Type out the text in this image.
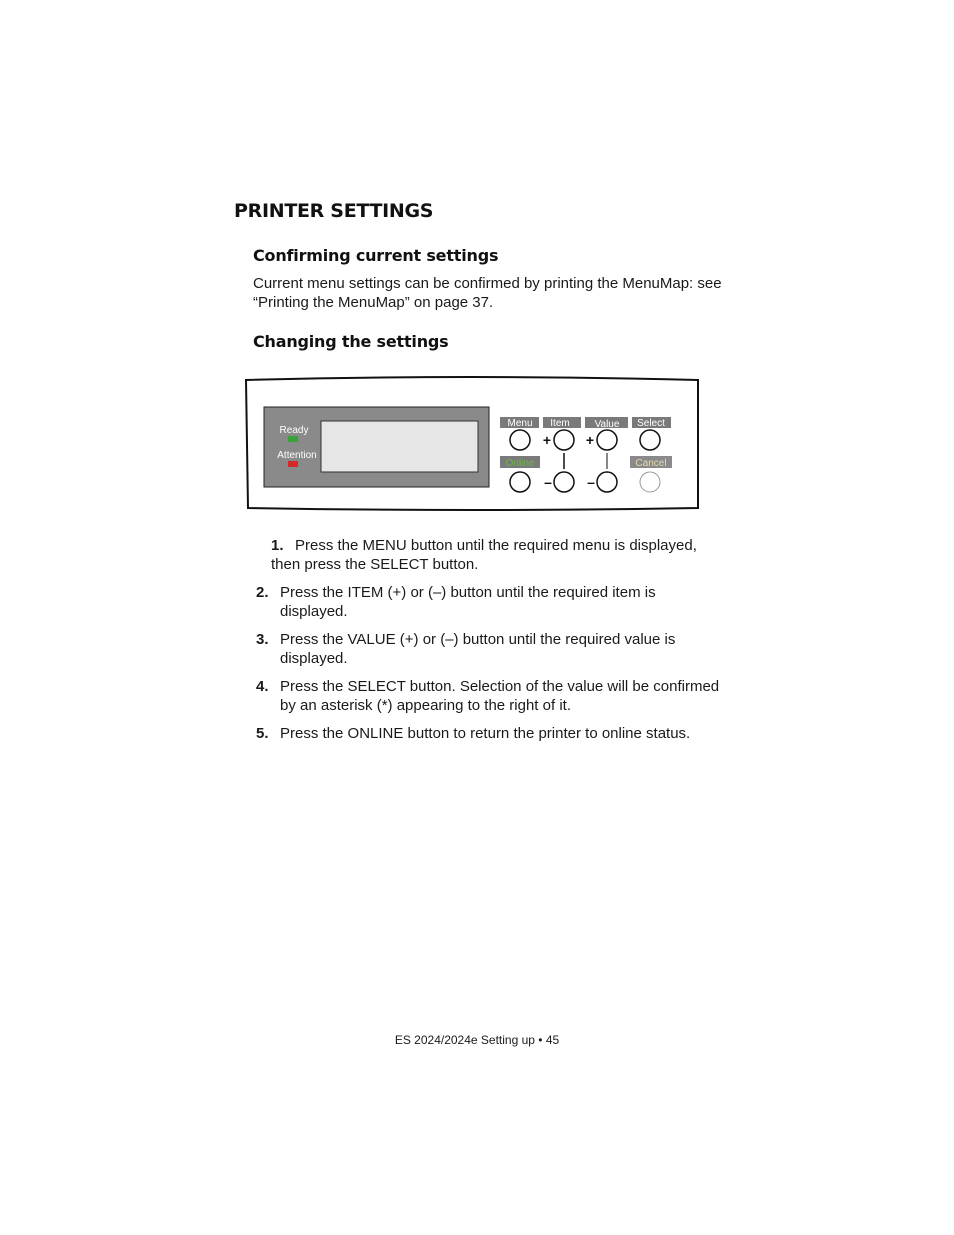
PRINTER SETTINGS
Confirming current settings

Current menu settings can be confirmed by printing the MenuMap: see “Printing the MenuMap” on page 37.

Changing the settings
Ready
Attention
Menu Item Value Select
+ +
Online	Cancel
–	–
1. Press the MENU button until the required menu is displayed, then press the SELECT button.
2. Press the ITEM (+) or (–) button until the required item is displayed.
3. Press the VALUE (+) or (–) button until the required value is displayed.
4. Press the SELECT button. Selection of the value will be confirmed by an asterisk (*) appearing to the right of it.
5. Press the ONLINE button to return the printer to online status.
ES 2024/2024e Setting up • 45
